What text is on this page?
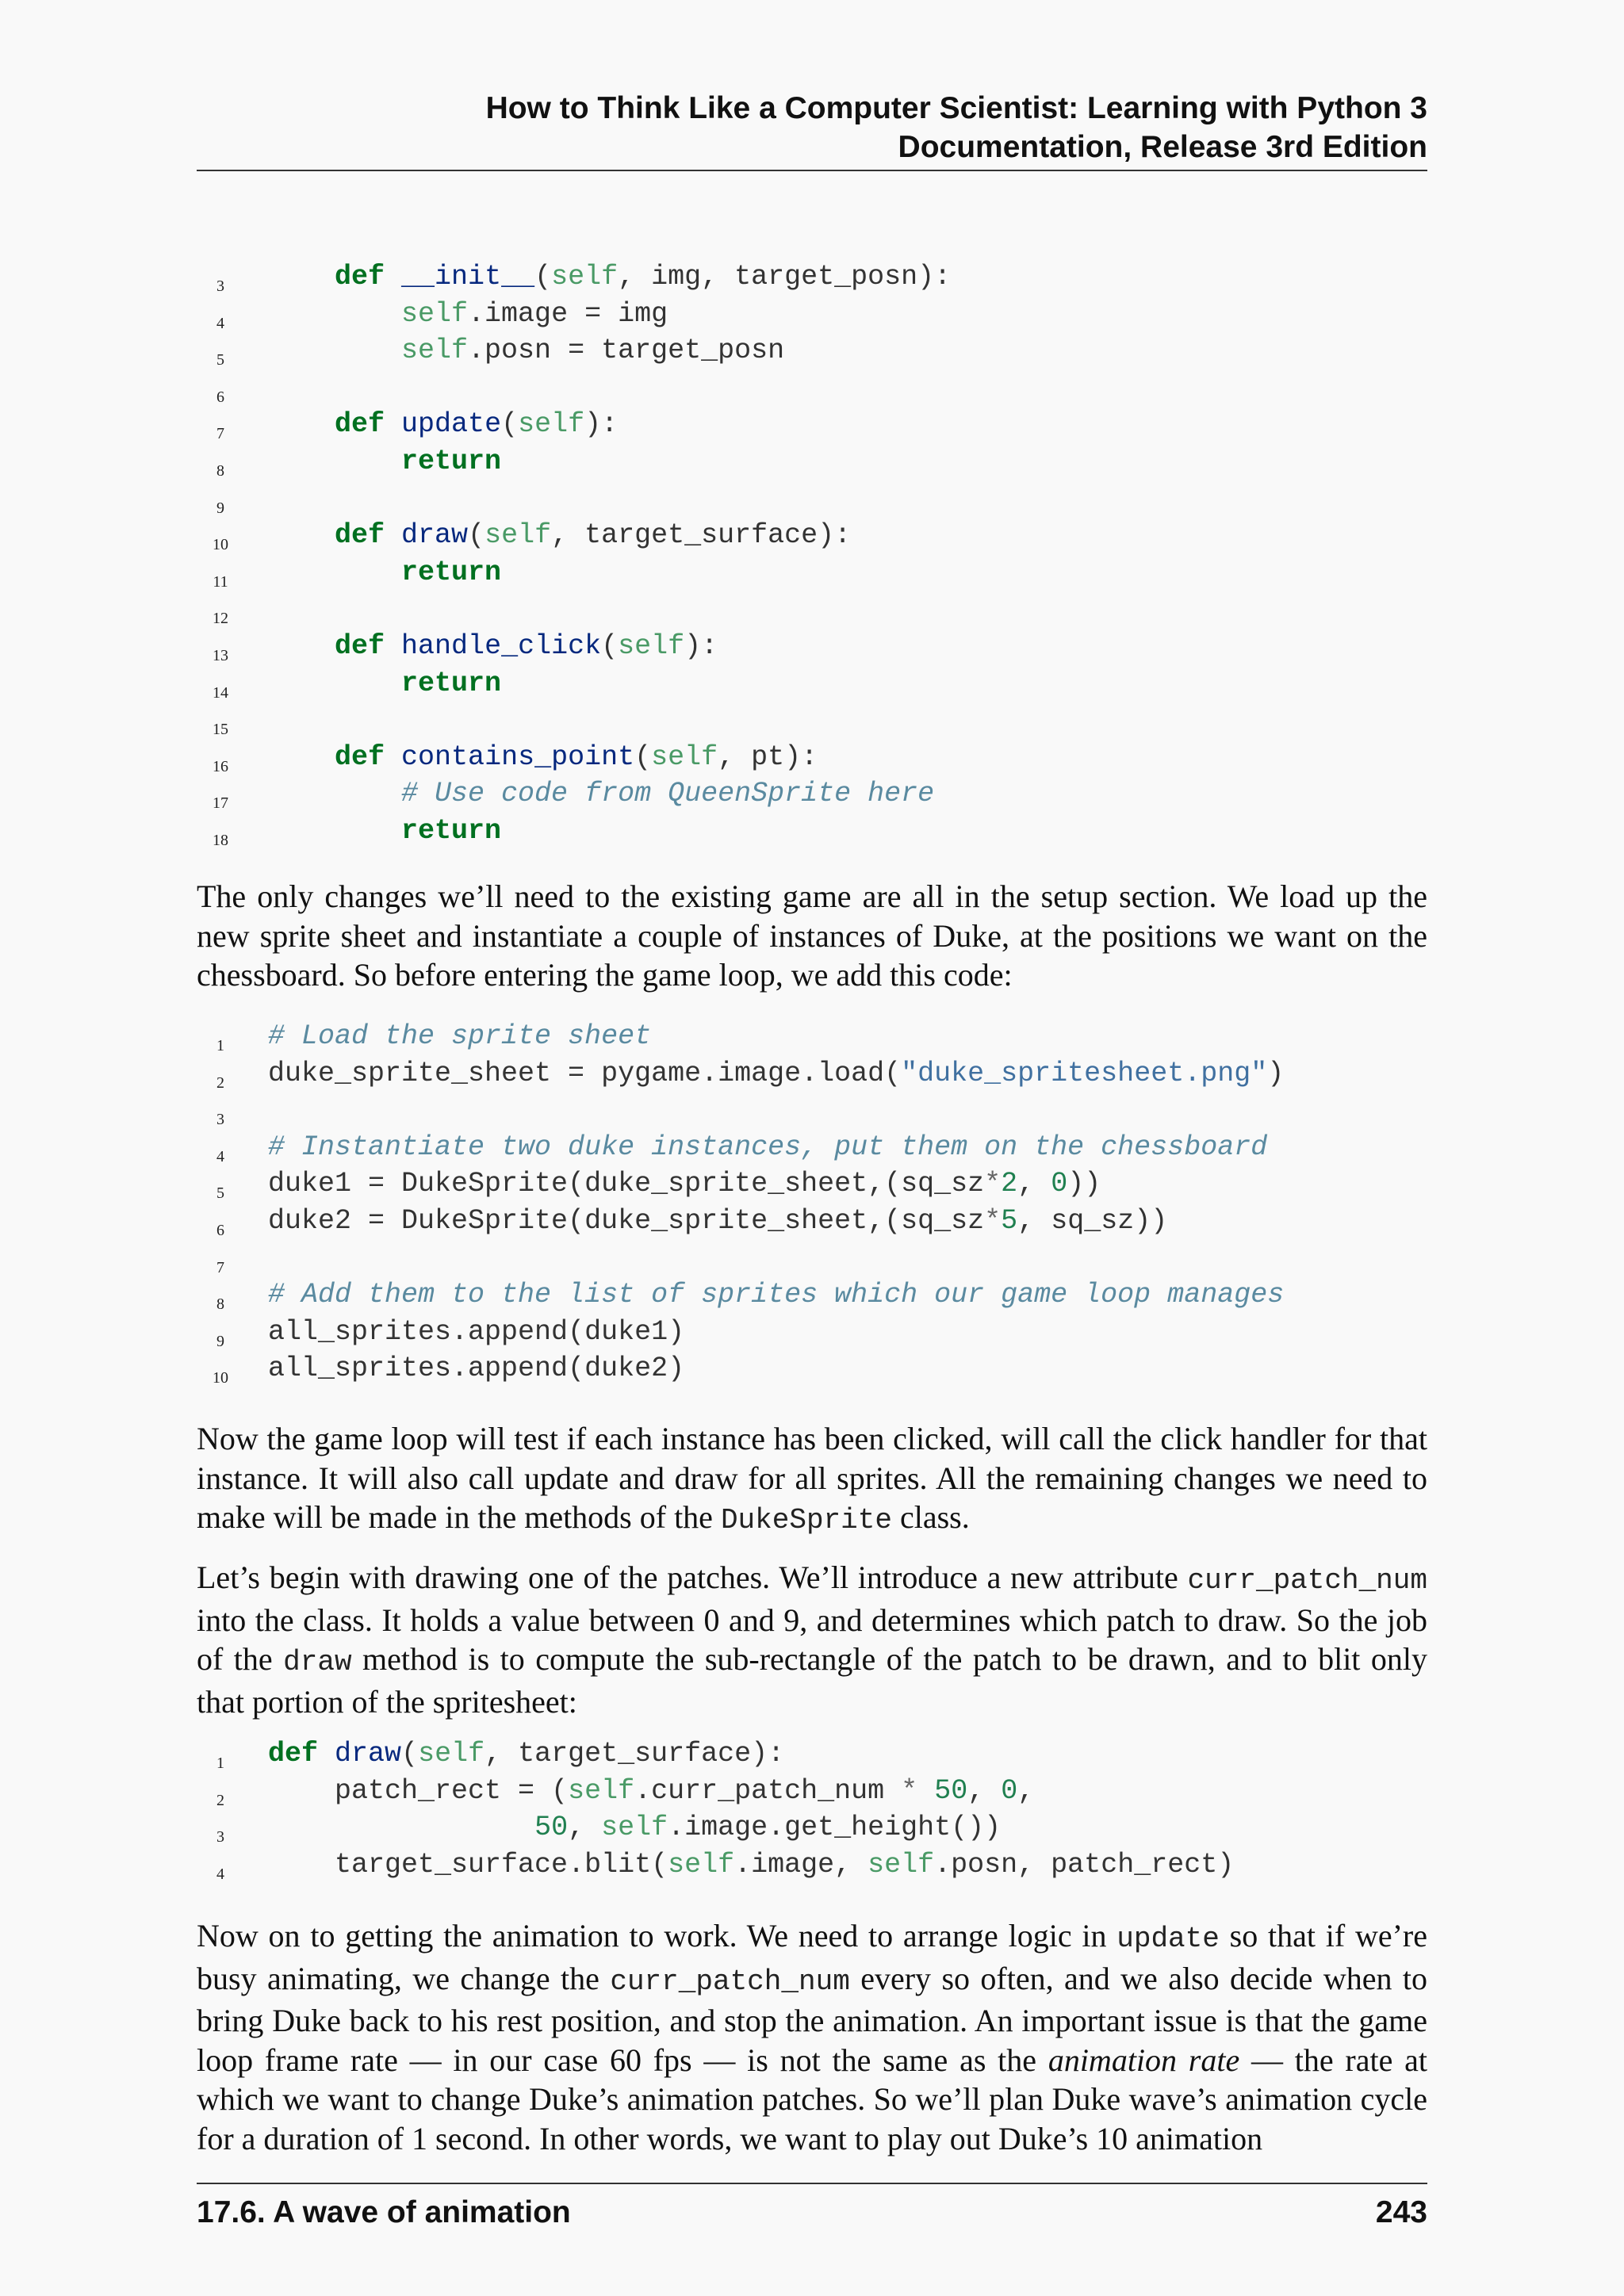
How to Think Like a Computer Scientist: Learning with Python 3
Documentation, Release 3rd Edition
3	def __init__(self, img, target_posn):
4	self.image = img
5	self.posn = target_posn
6
7	def update(self):
8	return
9
10	def draw(self, target_surface):
11	return
12
13	def handle_click(self):
14	return
15
16	def contains_point(self, pt):
17	# Use code from QueenSprite here
18	return

The only changes we’ll need to the existing game are all in the setup section. We load up the new sprite sheet and instantiate a couple of instances of Duke, at the positions we want on the chessboard. So before entering the game loop, we add this code:

1	# Load the sprite sheet
2	duke_sprite_sheet = pygame.image.load("duke_spritesheet.png")
3
4	# Instantiate two duke instances, put them on the chessboard
5	duke1 = DukeSprite(duke_sprite_sheet,(sq_sz*2, 0))
6	duke2 = DukeSprite(duke_sprite_sheet,(sq_sz*5, sq_sz))
7
8	# Add them to the list of sprites which our game loop manages
9	all_sprites.append(duke1)
10	all_sprites.append(duke2)

Now the game loop will test if each instance has been clicked, will call the click handler for that instance. It will also call update and draw for all sprites. All the remaining changes we need to make will be made in the methods of the DukeSprite class.

Let’s begin with drawing one of the patches. We’ll introduce a new attribute curr_patch_num into the class. It holds a value between 0 and 9, and determines which patch to draw. So the job of the draw method is to compute the sub-rectangle of the patch to be drawn, and to blit only that portion of the spritesheet:

1	def draw(self, target_surface):
2	patch_rect = (self.curr_patch_num * 50, 0,
3	50, self.image.get_height())
4	target_surface.blit(self.image, self.posn, patch_rect)

Now on to getting the animation to work. We need to arrange logic in update so that if we’re busy animating, we change the curr_patch_num every so often, and we also decide when to bring Duke back to his rest position, and stop the animation. An important issue is that the game loop frame rate — in our case 60 fps — is not the same as the animation rate — the rate at which we want to change Duke’s animation patches. So we’ll plan Duke wave’s animation cycle for a duration of 1 second. In other words, we want to play out Duke’s 10 animation

17.6. A wave of animation	243
